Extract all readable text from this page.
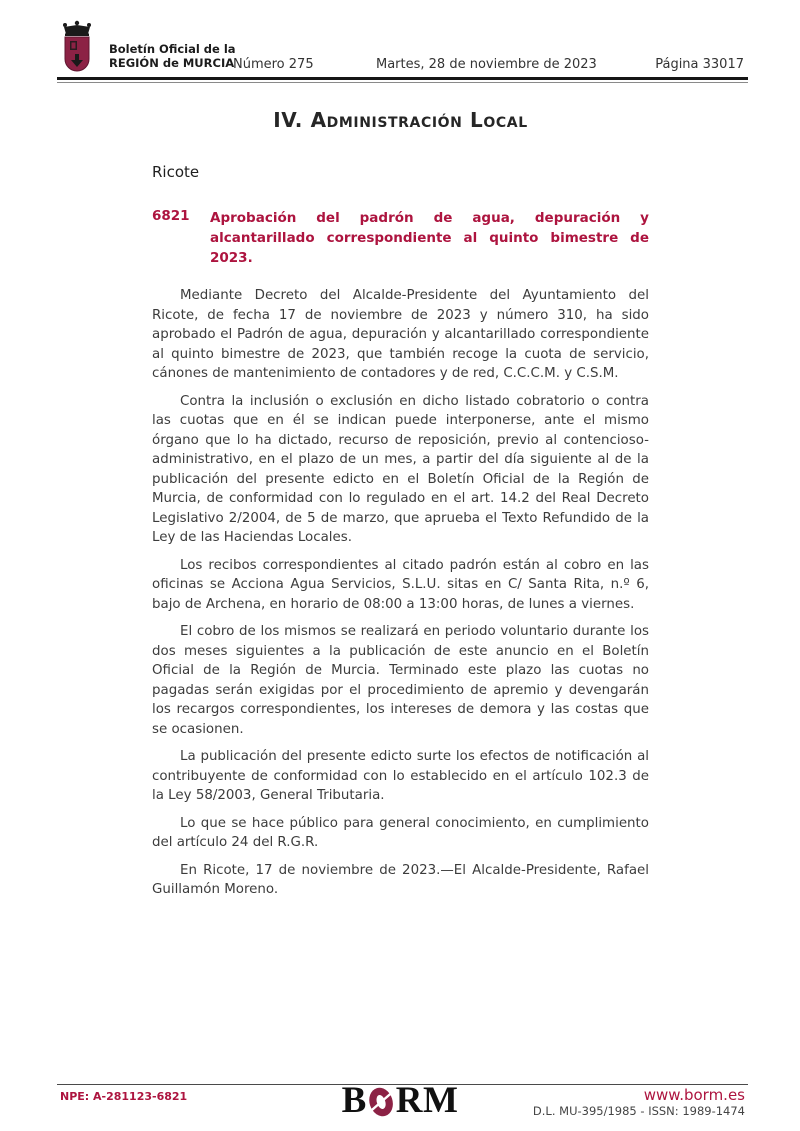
Boletín Oficial de la
REGIÓN de MURCIA
Número 275	Martes, 28 de noviembre de 2023	Página 33017
IV. Administración Local
Ricote
6821	Aprobación del padrón de agua, depuración y alcantarillado correspondiente al quinto bimestre de 2023.

Mediante Decreto del Alcalde-Presidente del Ayuntamiento del Ricote, de fecha 17 de noviembre de 2023 y número 310, ha sido aprobado el Padrón de agua, depuración y alcantarillado correspondiente al quinto bimestre de 2023, que también recoge la cuota de servicio, cánones de mantenimiento de contadores y de red, C.C.C.M. y C.S.M.

Contra la inclusión o exclusión en dicho listado cobratorio o contra las cuotas que en él se indican puede interponerse, ante el mismo órgano que lo ha dictado, recurso de reposición, previo al contencioso-administrativo, en el plazo de un mes, a partir del día siguiente al de la publicación del presente edicto en el Boletín Oficial de la Región de Murcia, de conformidad con lo regulado en el art. 14.2 del Real Decreto Legislativo 2/2004, de 5 de marzo, que aprueba el Texto Refundido de la Ley de las Haciendas Locales.

Los recibos correspondientes al citado padrón están al cobro en las oficinas se Acciona Agua Servicios, S.L.U. sitas en C/ Santa Rita, n.º 6, bajo de Archena, en horario de 08:00 a 13:00 horas, de lunes a viernes.

El cobro de los mismos se realizará en periodo voluntario durante los dos meses siguientes a la publicación de este anuncio en el Boletín Oficial de la Región de Murcia. Terminado este plazo las cuotas no pagadas serán exigidas por el procedimiento de apremio y devengarán los recargos correspondientes, los intereses de demora y las costas que se ocasionen.

La publicación del presente edicto surte los efectos de notificación al contribuyente de conformidad con lo establecido en el artículo 102.3 de la Ley 58/2003, General Tributaria.

Lo que se hace público para general conocimiento, en cumplimiento del artículo 24 del R.G.R.

En Ricote, 17 de noviembre de 2023.—El Alcalde-Presidente, Rafael Guillamón Moreno.

NPE: A-281123-6821	B RM	www.borm.es
D.L. MU-395/1985 - ISSN: 1989-1474
